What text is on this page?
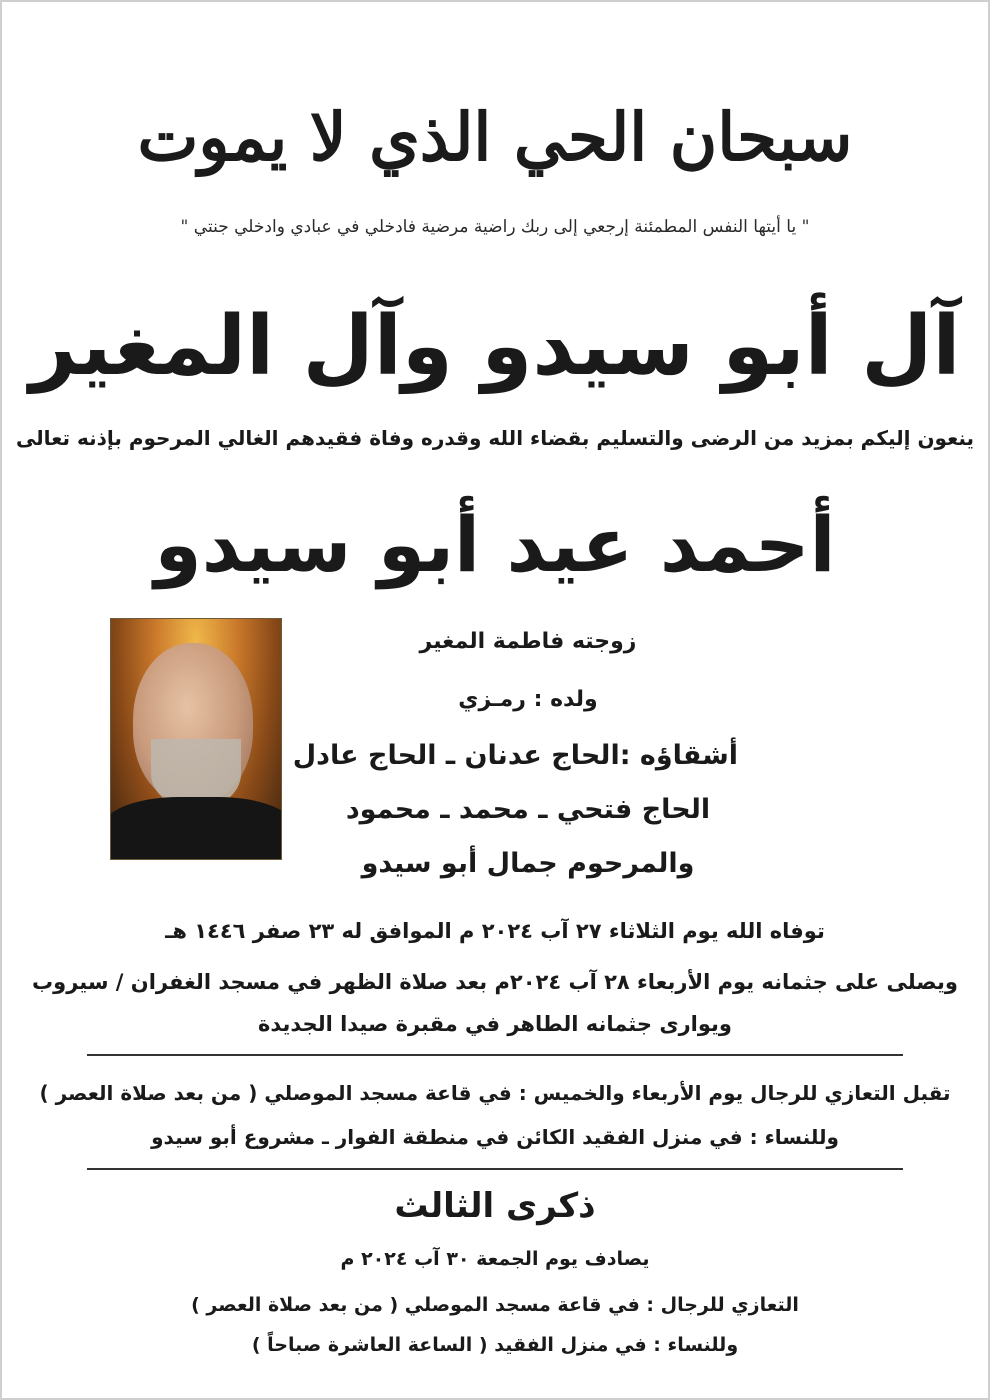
سبحان الحي الذي لا يموت
" يا أيتها النفس المطمئنة إرجعي إلى ربك راضية مرضية فادخلي في عبادي وادخلي جنتي "
آل أبو سيدو وآل المغير
ينعون إليكم بمزيد من الرضى والتسليم بقضاء الله وقدره وفاة فقيدهم الغالي المرحوم بإذنه تعالى
أحمد عيد أبو سيدو
زوجته فاطمة المغير
ولده : رمـزي
أشقاؤه :الحاج عدنان ـ الحاج عادل
الحاج فتحي ـ محمد ـ محمود
والمرحوم جمال أبو سيدو
توفاه الله يوم الثلاثاء ٢٧ آب ٢٠٢٤ م الموافق له ٢٣ صفر ١٤٤٦ هـ
ويصلى على جثمانه يوم الأربعاء ٢٨ آب ٢٠٢٤م بعد صلاة الظهر في مسجد الغفران / سيروب
ويوارى جثمانه الطاهر في مقبرة صيدا الجديدة
تقبل التعازي للرجال يوم الأربعاء والخميس : في قاعة مسجد الموصلي ( من بعد صلاة العصر )
وللنساء : في منزل الفقيد الكائن في منطقة الفوار ـ مشروع أبو سيدو
ذكرى الثالث
يصادف يوم الجمعة ٣٠ آب ٢٠٢٤ م
التعازي للرجال : في قاعة مسجد الموصلي ( من بعد صلاة العصر )
وللنساء : في منزل الفقيد ( الساعة العاشرة صباحاً )
